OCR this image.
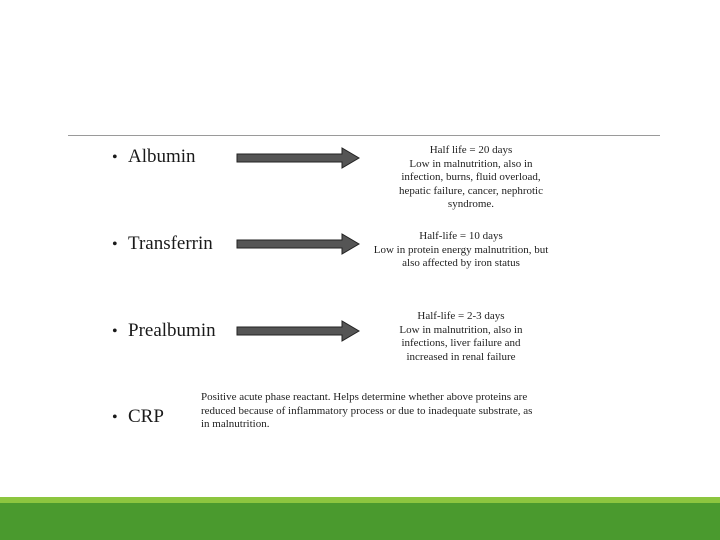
• Albumin	Half life = 20 days
Low in malnutrition, also in
infection, burns, fluid overload,
hepatic failure, cancer, nephrotic
syndrome.
• Transferrin	Half-life = 10 days
Low in protein energy malnutrition, but
also affected by iron status
• Prealbumin
Half-life = 2-3 days
Low in malnutrition, also in
infections, liver failure and
increased in renal failure
• CRP
Positive acute phase reactant. Helps determine whether above proteins are
reduced because of inflammatory process or due to inadequate substrate, as
in malnutrition.
